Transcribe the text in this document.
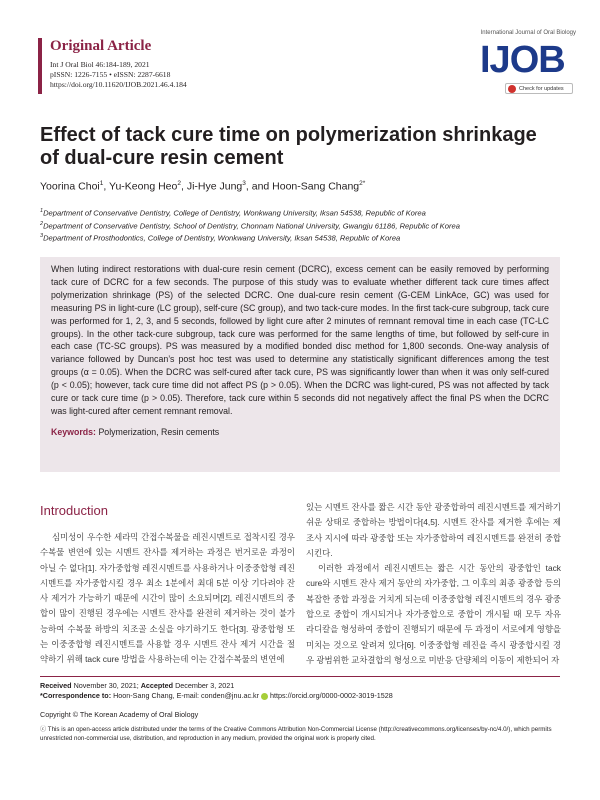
Original Article
Int J Oral Biol 46:184-189, 2021
pISSN: 1226-7155 • eISSN: 2287-6618
https://doi.org/10.11620/IJOB.2021.46.4.184
International Journal of Oral Biology
IJOB
Check for updates
Effect of tack cure time on polymerization shrinkage of dual-cure resin cement
Yoorina Choi$^1$, Yu-Keong Heo$^2$, Ji-Hye Jung$^3$, and Hoon-Sang Chang$^{2*}$
$^1$Department of Conservative Dentistry, College of Dentistry, Wonkwang University, Iksan 54538, Republic of Korea
$^2$Department of Conservative Dentistry, School of Dentistry, Chonnam National University, Gwangju 61186, Republic of Korea
$^3$Department of Prosthodontics, College of Dentistry, Wonkwang University, Iksan 54538, Republic of Korea
When luting indirect restorations with dual-cure resin cement (DCRC), excess cement can be easily removed by performing tack cure of DCRC for a few seconds. The purpose of this study was to evaluate whether different tack cure times affect polymerization shrinkage (PS) of the selected DCRC. One dual-cure resin cement (G-CEM LinkAce, GC) was used for measuring PS in light-cure (LC group), self-cure (SC group), and two tack-cure modes. In the first tack-cure subgroup, tack cure was performed for 1, 2, 3, and 5 seconds, followed by light cure after 2 minutes of remnant removal time in each case (TC-LC groups). In the other tack-cure subgroup, tack cure was performed for the same lengths of time, but followed by self-cure in each case (TC-SC groups). PS was measured by a modified bonded disc method for 1,800 seconds. One-way analysis of variance followed by Duncan’s post hoc test was used to determine any statistically significant differences among the test groups (α = 0.05). When the DCRC was self-cured after tack cure, PS was significantly lower than when it was only self-cured (p < 0.05); however, tack cure time did not affect PS (p > 0.05). When the DCRC was light-cured, PS was not affected by tack cure or tack cure time (p > 0.05). Therefore, tack cure within 5 seconds did not negatively affect the final PS when the DCRC was light-cured after cement remnant removal.
Keywords: Polymerization, Resin cements
Introduction

심미성이 우수한 세라믹 간접수복물을 레진시멘트로 접착시킬 경우 수복물 변연에 있는 시멘트 잔사를 제거하는 과정은 번거로운 과정이 아닐 수 없다[1]. 자가중합형 레진시멘트를 사용하거나 이중중합형 레진시멘트를 자가중합시킬 경우 최소 1분에서 최대 5분 이상 기다려야 잔사 제거가 가능하기 때문에 시간이 많이 소요되며[2], 레진시멘트의 중합이 많이 진행된 경우에는 시멘트 잔사를 완전히 제거하는 것이 불가능하여 수복물 하방의 치조골 소실을 야기하기도 한다[3]. 광중합형 또는 이중중합형 레진시멘트를 사용할 경우 시멘트 잔사 제거 시간을 절약하기 위해 tack cure 방법을 사용하는데 이는 간접수복물의 변연에

있는 시멘트 잔사를 짧은 시간 동안 광중합하여 레진시멘트를 제거하기 쉬운 상태로 중합하는 방법이다[4,5]. 시멘트 잔사를 제거한 후에는 제조사 지시에 따라 광중합 또는 자가중합하여 레진시멘트를 완전히 중합시킨다.

이러한 과정에서 레진시멘트는 짧은 시간 동안의 광중합인 tack cure와 시멘트 잔사 제거 동안의 자가중합, 그 이후의 최종 광중합 등의 복잡한 중합 과정을 거치게 되는데 이중중합형 레진시멘트의 경우 광중합으로 중합이 개시되거나 자가중합으로 중합이 개시될 때 모두 자유 라디칼을 형성하여 중합이 진행되기 때문에 두 과정이 서로에게 영향을 미치는 것으로 알려져 있다[6]. 이중중합형 레진을 즉시 광중합시킬 경우 광범위한 교차결합의 형성으로 미반응 단량체의 이동이 제한되어 자

Received November 30, 2021; Accepted December 3, 2021
*Correspondence to: Hoon-Sang Chang, E-mail: conden@jnu.ac.kr https://orcid.org/0000-0002-3019-1528
Copyright © The Korean Academy of Oral Biology
ⓒ This is an open-access article distributed under the terms of the Creative Commons Attribution Non-Commercial License (http://creativecommons.org/licenses/by-nc/4.0/), which permits unrestricted non-commercial use, distribution, and reproduction in any medium, provided the original work is properly cited.
